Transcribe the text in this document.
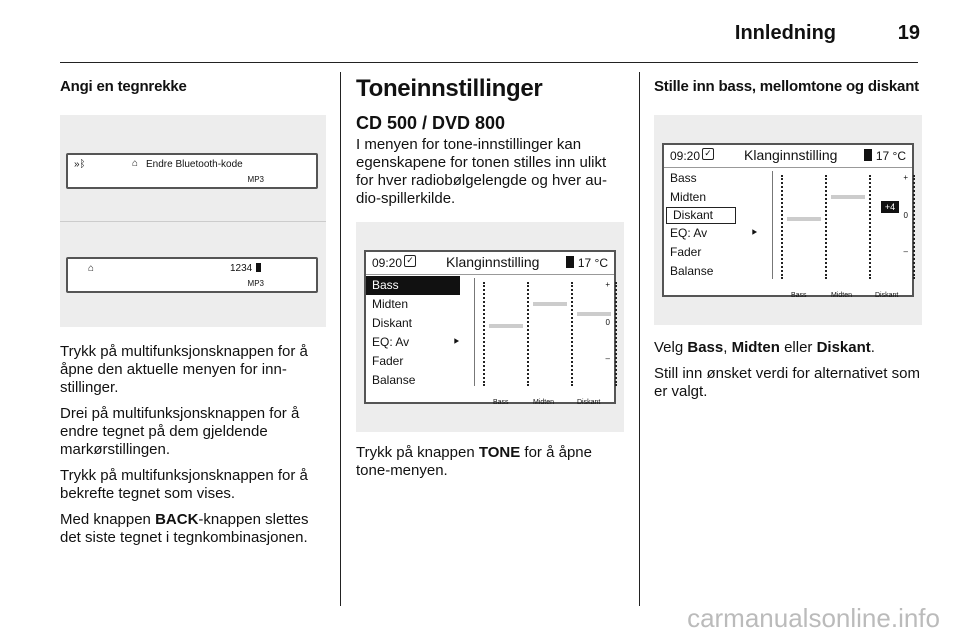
Innledning	19
Angi en tegnrekke
»ᛒ	⌂ Endre Bluetooth-kode
MP3
⌂	1234
MP3

Trykk på multifunksjonsknappen for å åpne den aktuelle menyen for inn-stillinger.

Drei på multifunksjonsknappen for å endre tegnet på dem gjeldende markørstillingen.

Trykk på multifunksjonsknappen for å bekrefte tegnet som vises.

Med knappen BACK-knappen slettes det siste tegnet i tegnkombinasjonen.

Toneinnstillinger
CD 500 / DVD 800

I menyen for tone-innstillinger kan egenskapene for tonen stilles inn ulikt for hver radiobølgelengde og hver au-dio-spillerkilde.

09:20 ✓ Klanginnstilling	17 °C
Bass
Midten
Diskant
EQ: Av	⯈
Fader
Balanse
+
0
–
Bass	Midten	Diskant

Trykk på knappen TONE for å åpne tone-menyen.

Stille inn bass, mellomtone og diskant
09:20 ✓ Klanginnstilling	17 °C
Bass
Midten
Diskant
EQ: Av	⯈
Fader
Balanse
+4
+
0
–
Bass	Midten	Diskant

Velg Bass, Midten eller Diskant.

Still inn ønsket verdi for alternativet som er valgt.

carmanualsonline.info
